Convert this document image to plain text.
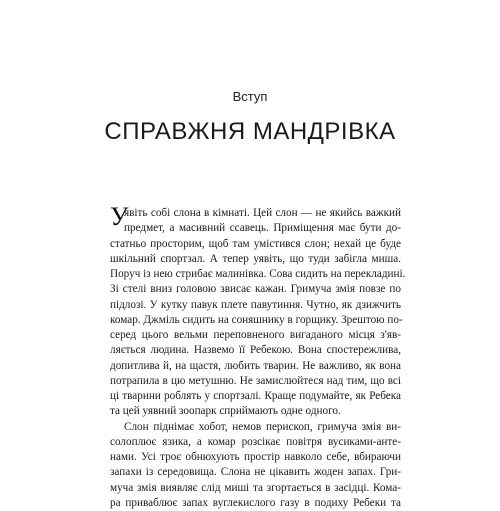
Вступ
СПРАВЖНЯ МАНДРІВКА
У
явіть собі слона в кімнаті. Цей слон — не якийсь важкий
предмет, а масивний ссавець. Приміщення має бути до-
статньо просторим, щоб там умістився слон; нехай це буде
шкільний спортзал. А тепер уявіть, що туди забігла миша.
Поруч із нею стрибає малинівка. Сова сидить на перекладині.
Зі стелі вниз головою звисає кажан. Гримуча змія повзе по
підлозі. У кутку павук плете павутиння. Чутно, як дзижчить
комар. Джміль сидить на соняшнику в горщику. Зрештою по-
серед цього вельми переповненого вигаданого місця з'яв-
ляється людина. Назвемо її Ребекою. Вона спостережлива,
допитлива й, на щастя, любить тварин. Не важливо, як вона
потрапила в цю метушню. Не замислюйтеся над тим, що всі
ці тварини роблять у спортзалі. Краще подумайте, як Ребека
та цей уявний зоопарк сприймають одне одного.
Слон піднімає хобот, немов перископ, гримуча змія ви-
солоплює язика, а комар розсікає повітря вусиками-анте-
нами. Усі троє обнюхують простір навколо себе, вбираючи
запахи із середовища. Слона не цікавить жоден запах. Гри-
муча змія виявляє слід миші та згортається в засідці. Кома-
ра приваблює запах вуглекислого газу в подиху Ребеки та
